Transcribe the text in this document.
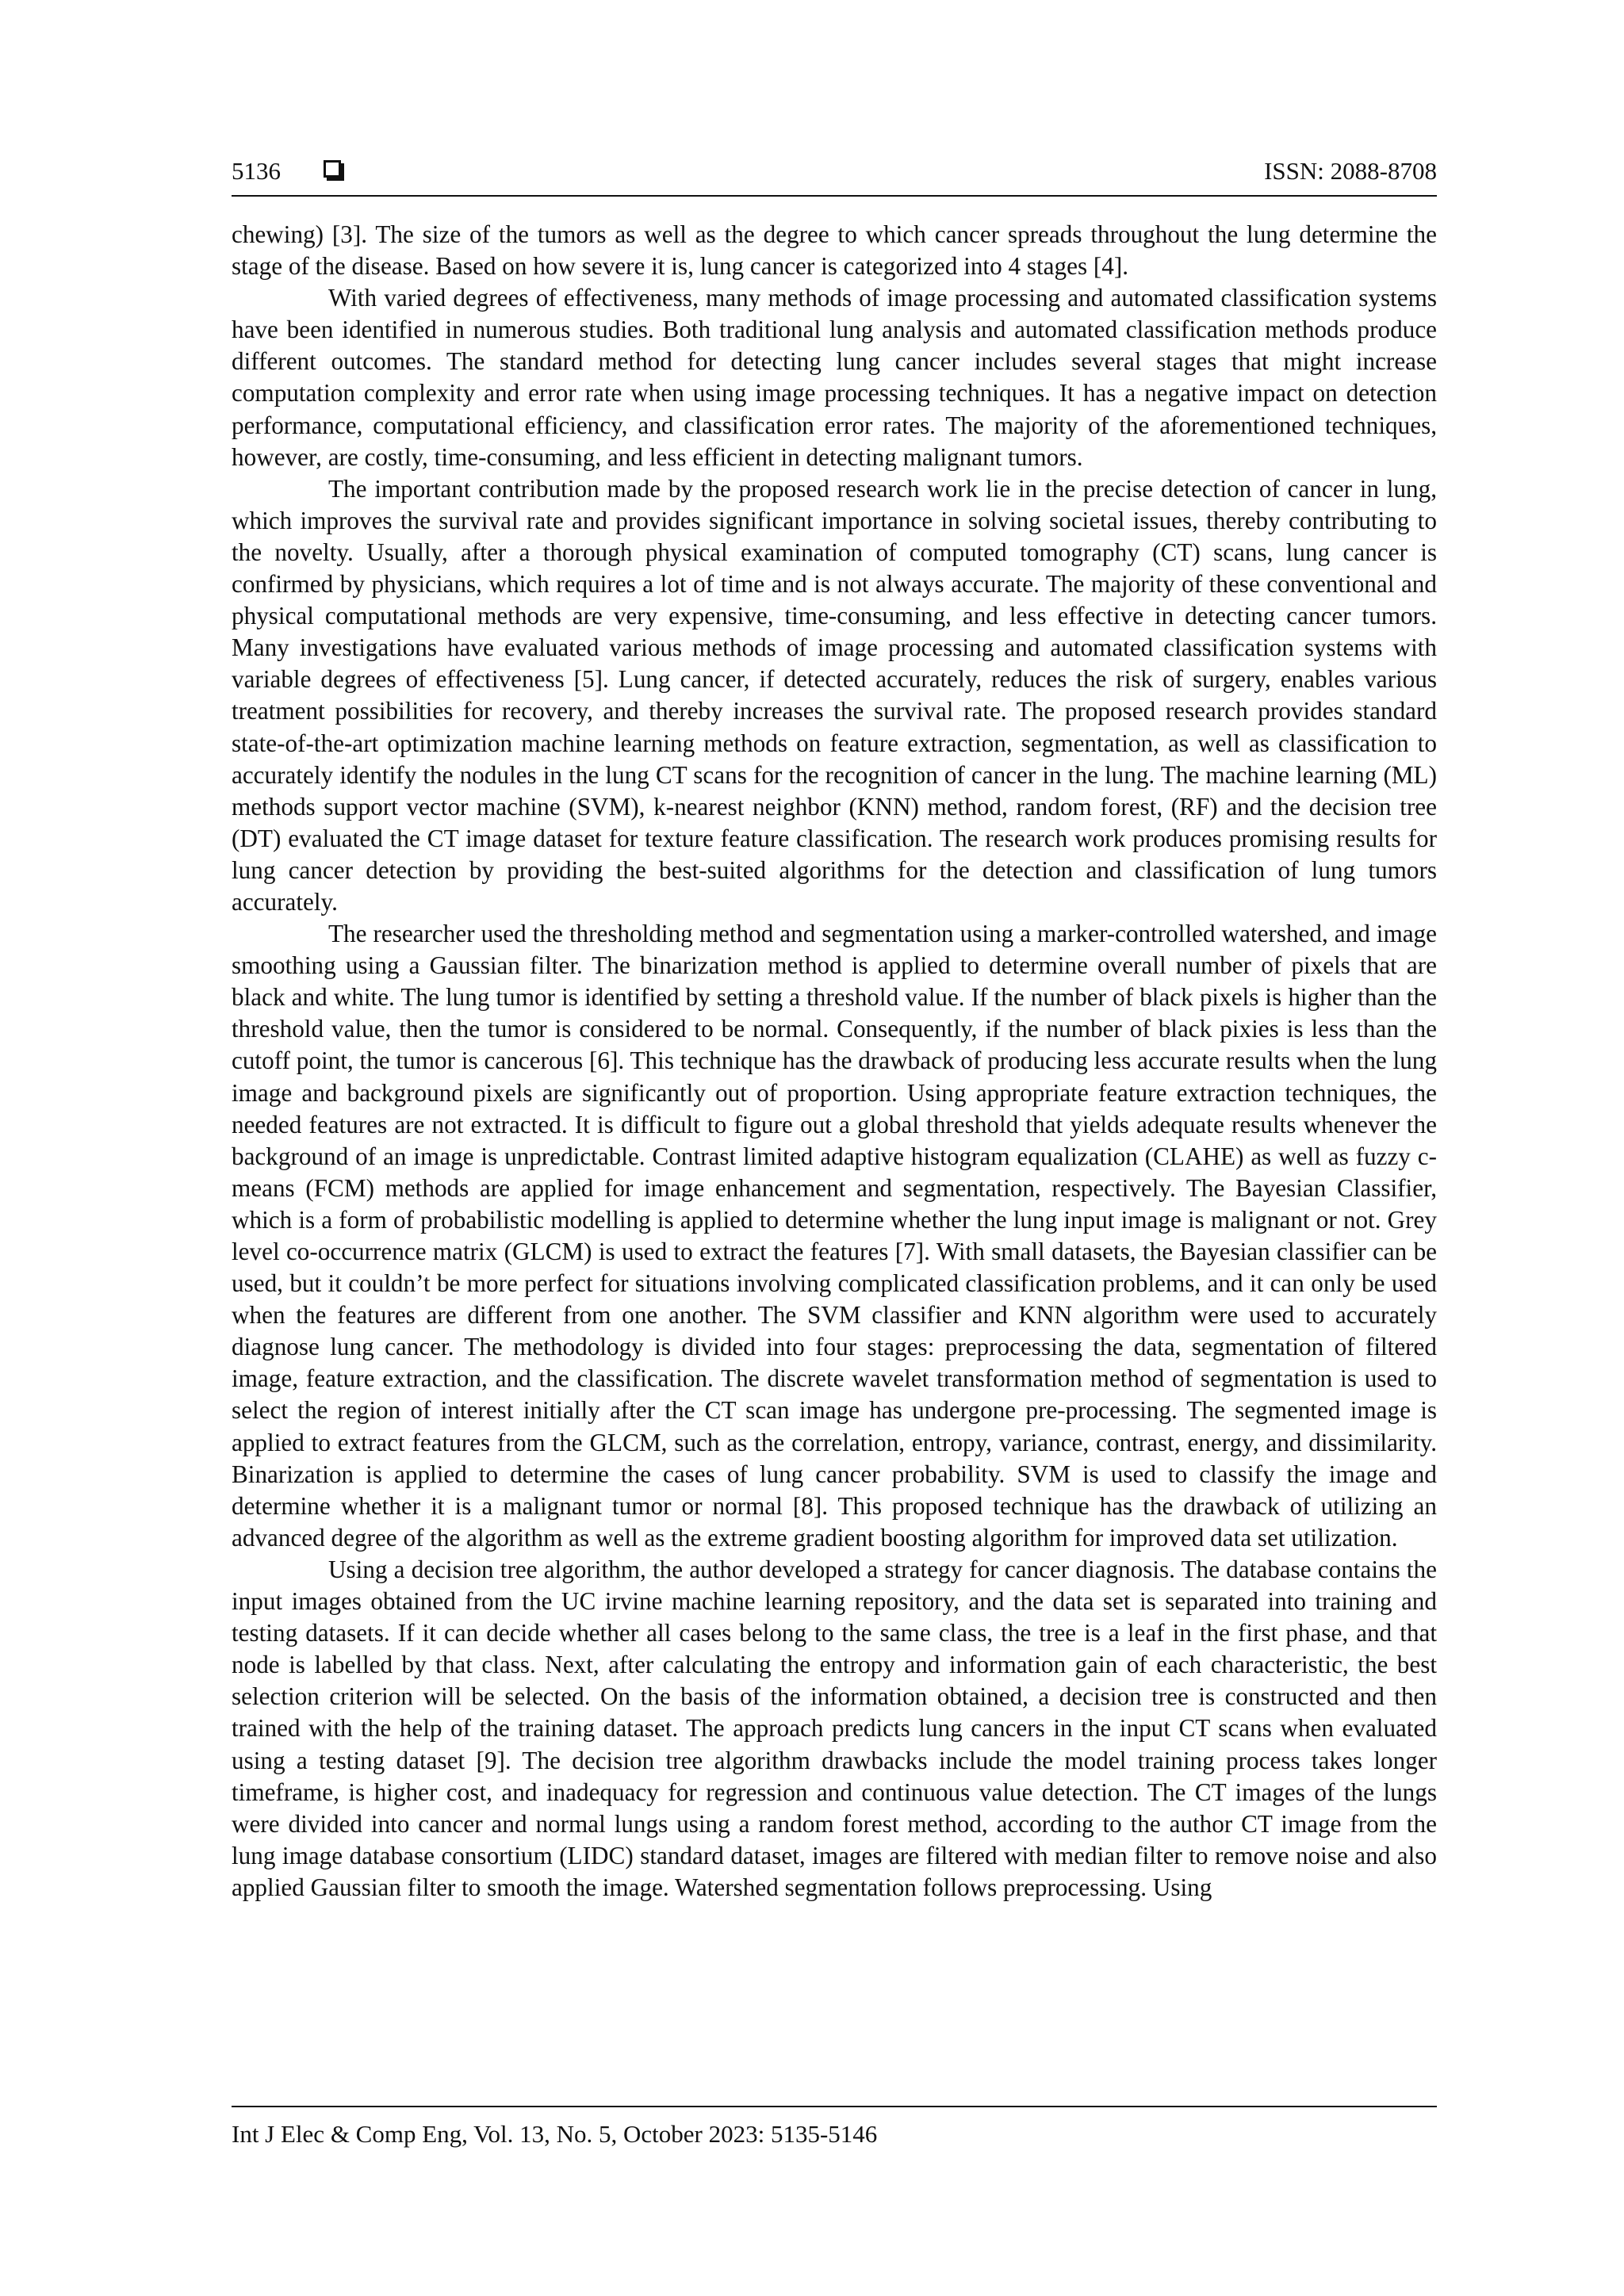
5136	ISSN: 2088-8708

chewing) [3]. The size of the tumors as well as the degree to which cancer spreads throughout the lung determine the stage of the disease. Based on how severe it is, lung cancer is categorized into 4 stages [4].

With varied degrees of effectiveness, many methods of image processing and automated classification systems have been identified in numerous studies. Both traditional lung analysis and automated classification methods produce different outcomes. The standard method for detecting lung cancer includes several stages that might increase computation complexity and error rate when using image processing techniques. It has a negative impact on detection performance, computational efficiency, and classification error rates. The majority of the aforementioned techniques, however, are costly, time-consuming, and less efficient in detecting malignant tumors.

The important contribution made by the proposed research work lie in the precise detection of cancer in lung, which improves the survival rate and provides significant importance in solving societal issues, thereby contributing to the novelty. Usually, after a thorough physical examination of computed tomography (CT) scans, lung cancer is confirmed by physicians, which requires a lot of time and is not always accurate. The majority of these conventional and physical computational methods are very expensive, time-consuming, and less effective in detecting cancer tumors. Many investigations have evaluated various methods of image processing and automated classification systems with variable degrees of effectiveness [5]. Lung cancer, if detected accurately, reduces the risk of surgery, enables various treatment possibilities for recovery, and thereby increases the survival rate. The proposed research provides standard state-of-the-art optimization machine learning methods on feature extraction, segmentation, as well as classification to accurately identify the nodules in the lung CT scans for the recognition of cancer in the lung. The machine learning (ML) methods support vector machine (SVM), k-nearest neighbor (KNN) method, random forest, (RF) and the decision tree (DT) evaluated the CT image dataset for texture feature classification. The research work produces promising results for lung cancer detection by providing the best-suited algorithms for the detection and classification of lung tumors accurately.

The researcher used the thresholding method and segmentation using a marker-controlled watershed, and image smoothing using a Gaussian filter. The binarization method is applied to determine overall number of pixels that are black and white. The lung tumor is identified by setting a threshold value. If the number of black pixels is higher than the threshold value, then the tumor is considered to be normal. Consequently, if the number of black pixies is less than the cutoff point, the tumor is cancerous [6]. This technique has the drawback of producing less accurate results when the lung image and background pixels are significantly out of proportion. Using appropriate feature extraction techniques, the needed features are not extracted. It is difficult to figure out a global threshold that yields adequate results whenever the background of an image is unpredictable. Contrast limited adaptive histogram equalization (CLAHE) as well as fuzzy c-means (FCM) methods are applied for image enhancement and segmentation, respectively. The Bayesian Classifier, which is a form of probabilistic modelling is applied to determine whether the lung input image is malignant or not. Grey level co-occurrence matrix (GLCM) is used to extract the features [7]. With small datasets, the Bayesian classifier can be used, but it couldn’t be more perfect for situations involving complicated classification problems, and it can only be used when the features are different from one another. The SVM classifier and KNN algorithm were used to accurately diagnose lung cancer. The methodology is divided into four stages: preprocessing the data, segmentation of filtered image, feature extraction, and the classification. The discrete wavelet transformation method of segmentation is used to select the region of interest initially after the CT scan image has undergone pre-processing. The segmented image is applied to extract features from the GLCM, such as the correlation, entropy, variance, contrast, energy, and dissimilarity. Binarization is applied to determine the cases of lung cancer probability. SVM is used to classify the image and determine whether it is a malignant tumor or normal [8]. This proposed technique has the drawback of utilizing an advanced degree of the algorithm as well as the extreme gradient boosting algorithm for improved data set utilization.

Using a decision tree algorithm, the author developed a strategy for cancer diagnosis. The database contains the input images obtained from the UC irvine machine learning repository, and the data set is separated into training and testing datasets. If it can decide whether all cases belong to the same class, the tree is a leaf in the first phase, and that node is labelled by that class. Next, after calculating the entropy and information gain of each characteristic, the best selection criterion will be selected. On the basis of the information obtained, a decision tree is constructed and then trained with the help of the training dataset. The approach predicts lung cancers in the input CT scans when evaluated using a testing dataset [9]. The decision tree algorithm drawbacks include the model training process takes longer timeframe, is higher cost, and inadequacy for regression and continuous value detection. The CT images of the lungs were divided into cancer and normal lungs using a random forest method, according to the author CT image from the lung image database consortium (LIDC) standard dataset, images are filtered with median filter to remove noise and also applied Gaussian filter to smooth the image. Watershed segmentation follows preprocessing. Using

Int J Elec & Comp Eng, Vol. 13, No. 5, October 2023: 5135-5146
